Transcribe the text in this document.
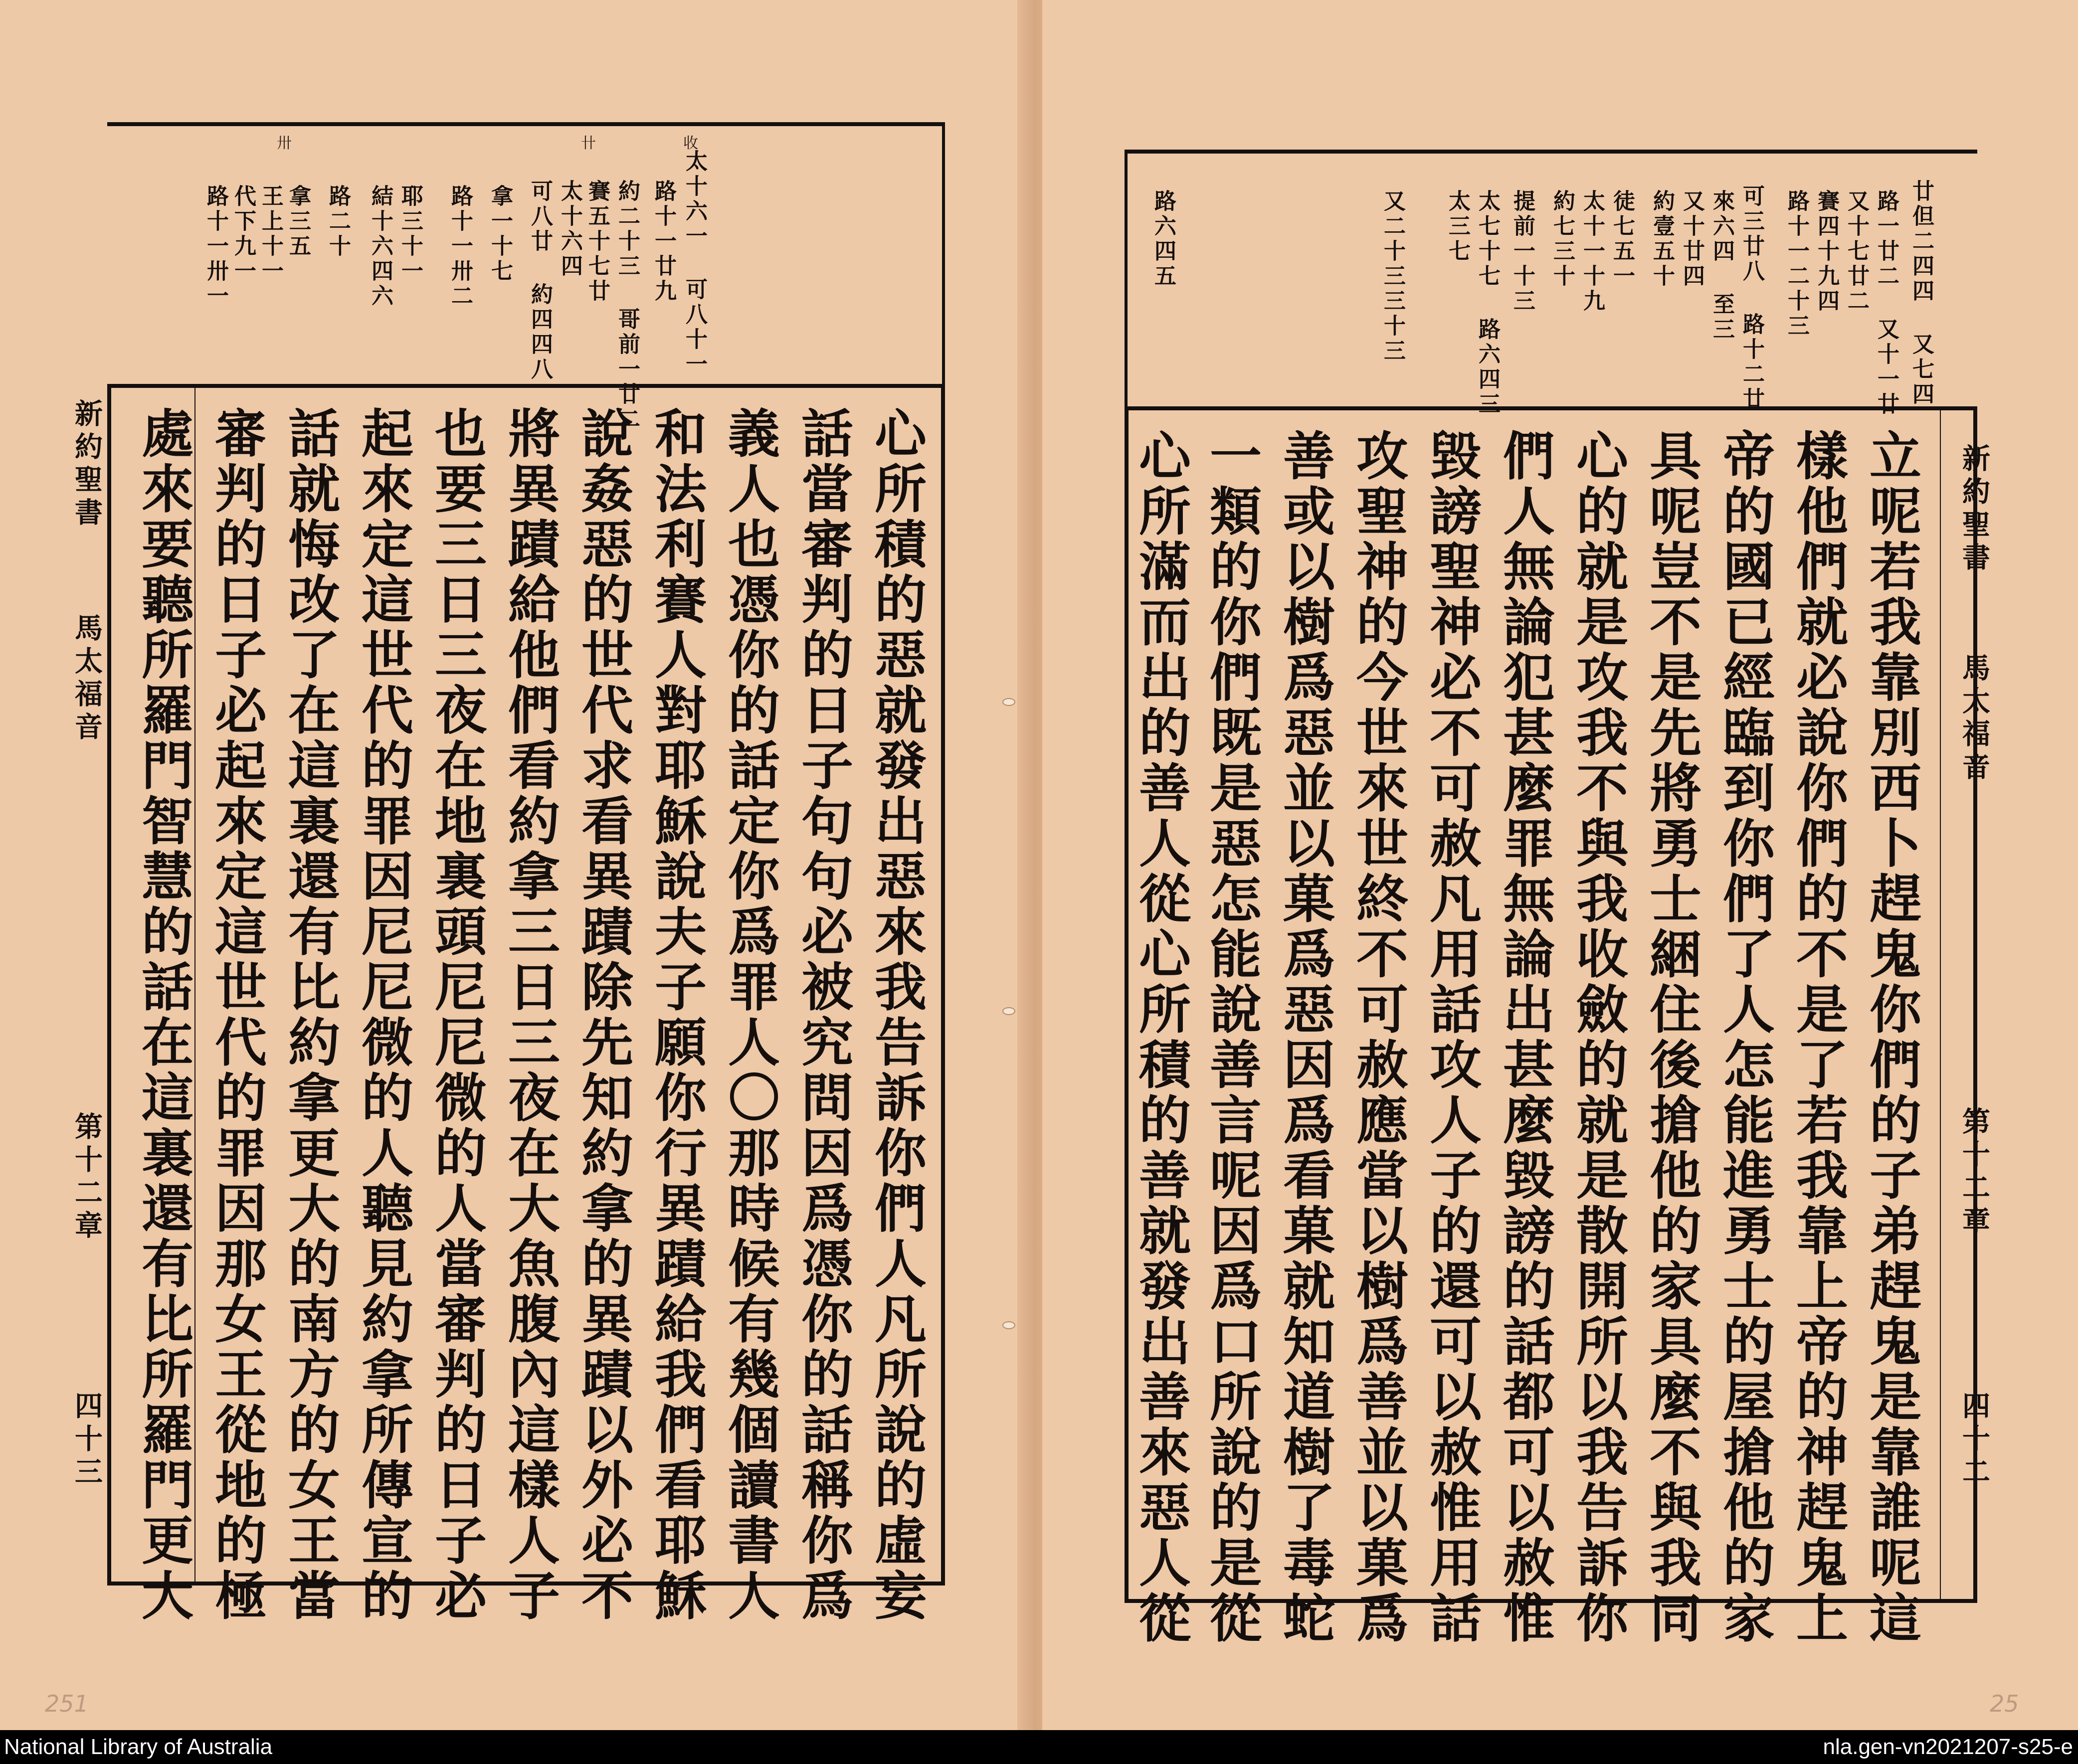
太十六一 可八十一
路十一廿九
約二十三 哥前一廿二
賽五十七廿
太十六四
可八廿 約四四八
拿一十七
路十一卅二
耶三十一
結十六四六
路二十
拿三五
王上十一
代下九一
路十一卅一
收
卄
卅
心所積的惡就發出惡來我告訴你們人凡所說的虛妄
話當審判的日子句句必被究問因爲憑你的話稱你爲
義人也憑你的話定你爲罪人〇那時候有幾個讀書人
和法利賽人對耶穌說夫子願你行異蹟給我們看耶穌
說姦惡的世代求看異蹟除先知約拿的異蹟以外必不
將異蹟給他們看約拿三日三夜在大魚腹內這樣人子
也要三日三夜在地裏頭尼尼微的人當審判的日子必
起來定這世代的罪因尼尼微的人聽見約拿所傳宣的
話就悔改了在這裏還有比約拿更大的南方的女王當
審判的日子必起來定這世代的罪因那女王從地的極
處來要聽所羅門智慧的話在這裏還有比所羅門更大
新約聖書
馬太福音
第十二章
四十三
廿但二四四 又七四
路一廿二 又十一廿
又十七廿二
賽四十九四
路十一二十三
可三廿八 路十二廿
來六四 至三
又十廿四
約壹五十
徒七五一
太十一十九
約七三十
提前一十三
太七十七 路六四三
太三七
又二十三三十三
路六四五
立呢若我靠別西卜趕鬼你們的子弟趕鬼是靠誰呢這
樣他們就必說你們的不是了若我靠上帝的神趕鬼上
帝的國已經臨到你們了人怎能進勇士的屋搶他的家
具呢豈不是先將勇士綑住後搶他的家具麼不與我同
心的就是攻我不與我收斂的就是散開所以我告訴你
們人無論犯甚麼罪無論出甚麼毀謗的話都可以赦惟
毀謗聖神必不可赦凡用話攻人子的還可以赦惟用話
攻聖神的今世來世終不可赦應當以樹爲善並以菓爲
善或以樹爲惡並以菓爲惡因爲看菓就知道樹了毒蛇
一類的你們既是惡怎能說善言呢因爲口所說的是從
心所滿而出的善人從心所積的善就發出善來惡人從	新約聖書
馬太福音
第十二章
四十二
251	25
National Library of Australia	nla.gen-vn2021207-s25-e
